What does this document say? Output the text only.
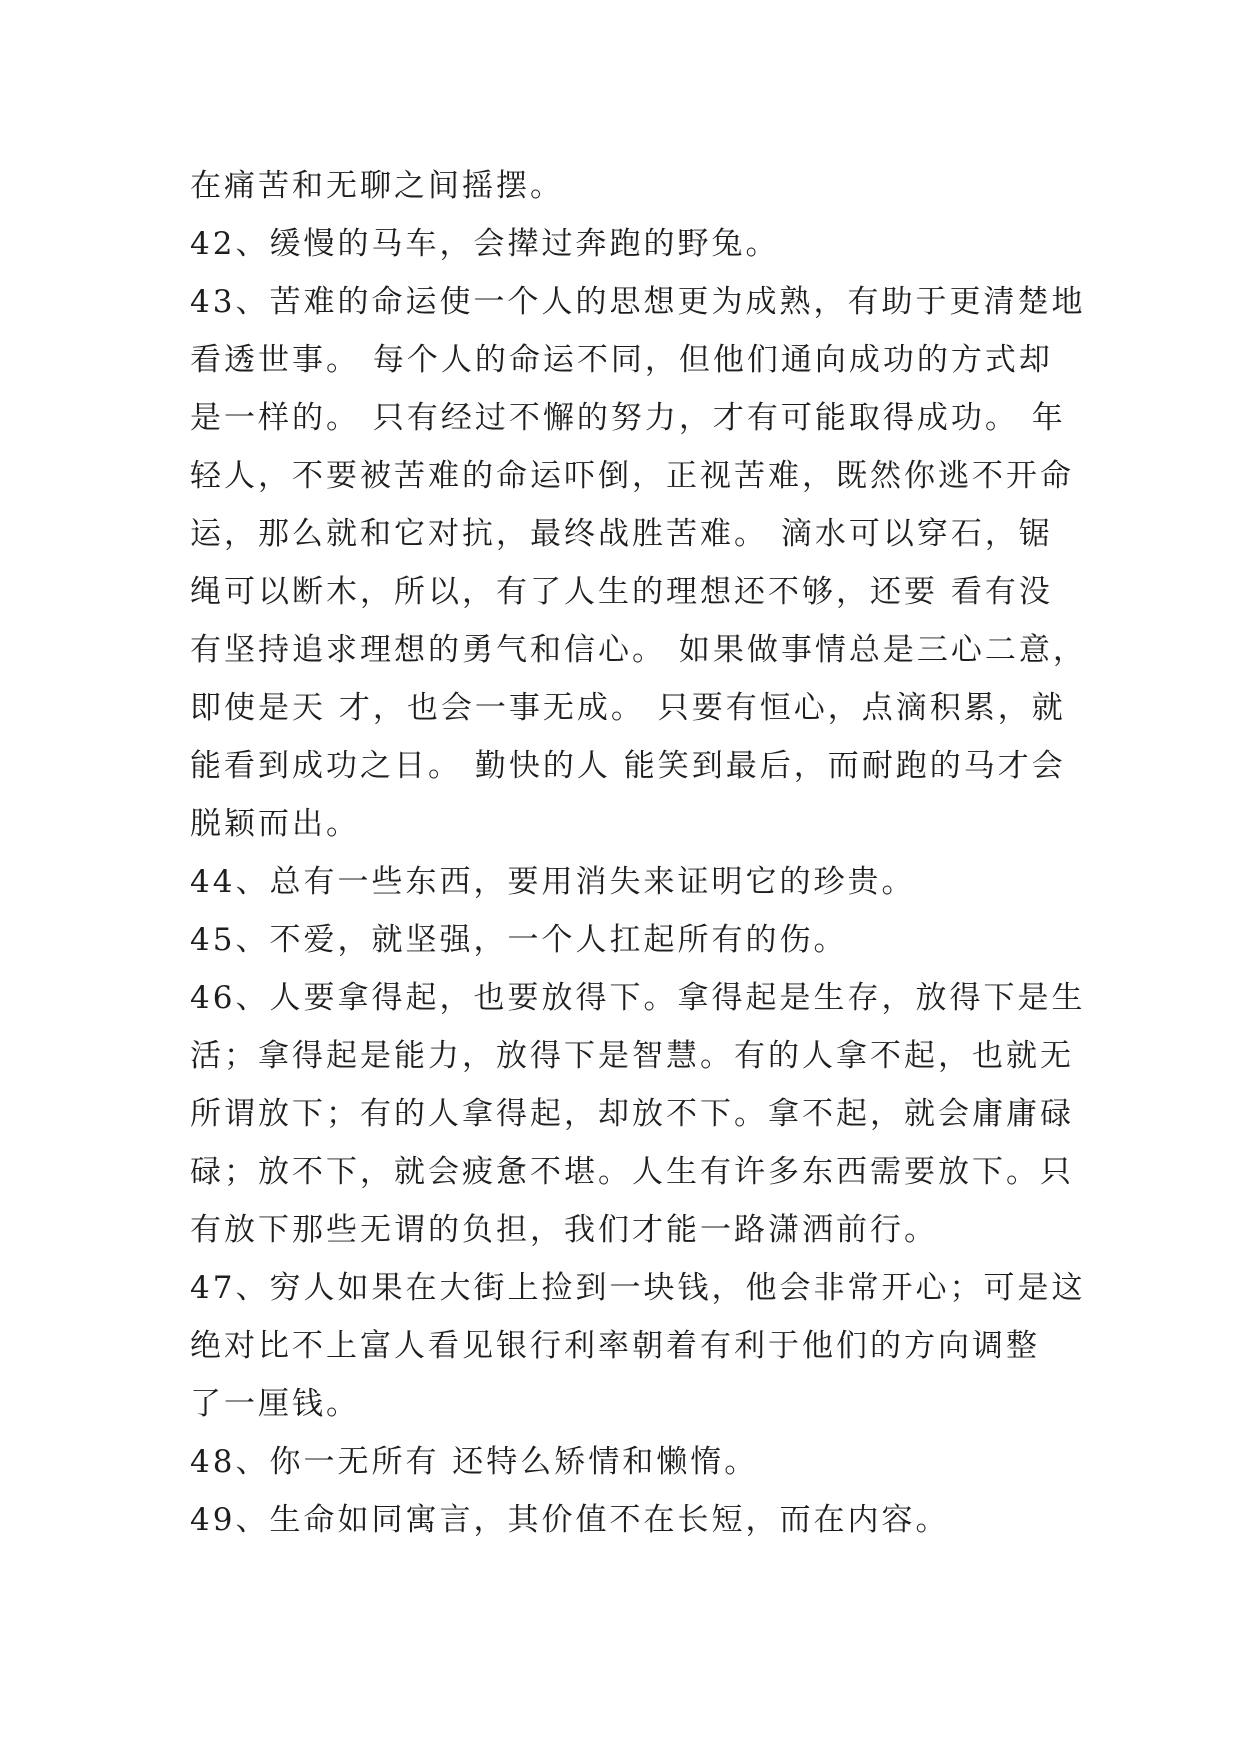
在痛苦和无聊之间摇摆。
42、缓慢的马车，会撵过奔跑的野兔。
43、苦难的命运使一个人的思想更为成熟，有助于更清楚地
看透世事。 每个人的命运不同，但他们通向成功的方式却
是一样的。 只有经过不懈的努力，才有可能取得成功。 年
轻人，不要被苦难的命运吓倒，正视苦难，既然你逃不开命
运，那么就和它对抗，最终战胜苦难。 滴水可以穿石，锯
绳可以断木，所以，有了人生的理想还不够，还要 看有没
有坚持追求理想的勇气和信心。 如果做事情总是三心二意，
即使是天 才，也会一事无成。 只要有恒心，点滴积累，就
能看到成功之日。 勤快的人 能笑到最后，而耐跑的马才会
脱颖而出。
44、总有一些东西，要用消失来证明它的珍贵。
45、不爱，就坚强，一个人扛起所有的伤。
46、人要拿得起，也要放得下。拿得起是生存，放得下是生
活；拿得起是能力，放得下是智慧。有的人拿不起，也就无
所谓放下；有的人拿得起，却放不下。拿不起，就会庸庸碌
碌；放不下，就会疲惫不堪。人生有许多东西需要放下。只
有放下那些无谓的负担，我们才能一路潇洒前行。
47、穷人如果在大街上捡到一块钱，他会非常开心；可是这
绝对比不上富人看见银行利率朝着有利于他们的方向调整
了一厘钱。
48、你一无所有 还特么矫情和懒惰。
49、生命如同寓言，其价值不在长短，而在内容。
